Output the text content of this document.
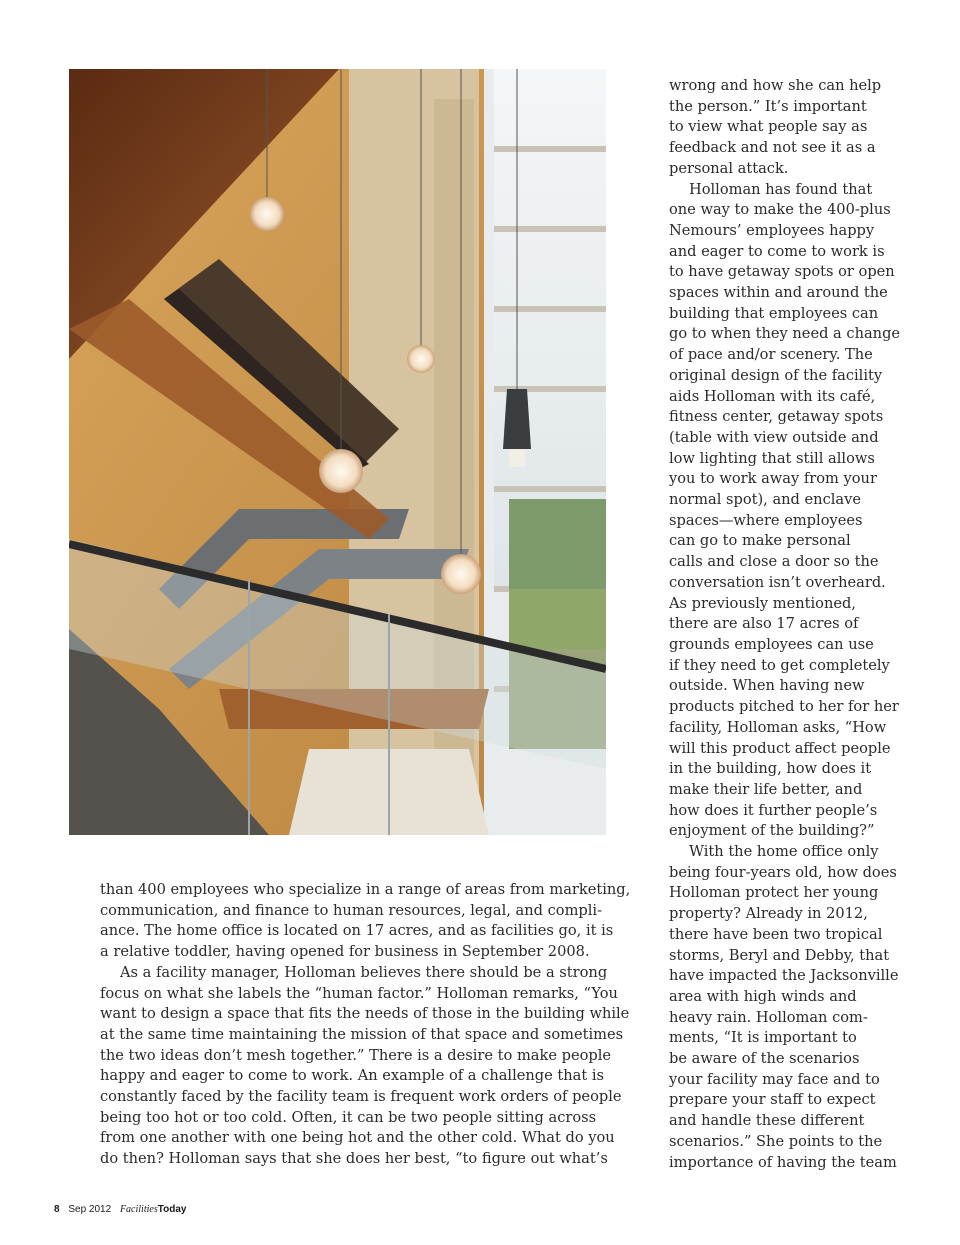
wrong and how she can help
the person.” It’s important
to view what people say as
feedback and not see it as a
personal attack.
Holloman has found that
one way to make the 400-plus
Nemours’ employees happy
and eager to come to work is
to have getaway spots or open
spaces within and around the
building that employees can
go to when they need a change
of pace and/or scenery. The
original design of the facility
aids Holloman with its café,
fitness center, getaway spots
(table with view outside and
low lighting that still allows
you to work away from your
normal spot), and enclave
spaces—where employees
can go to make personal
calls and close a door so the
conversation isn’t overheard.
As previously mentioned,
there are also 17 acres of
grounds employees can use
if they need to get completely
outside. When having new
products pitched to her for her
facility, Holloman asks, “How
will this product affect people
in the building, how does it
make their life better, and
how does it further people’s
enjoyment of the building?”
With the home office only
being four-years old, how does
Holloman protect her young
property? Already in 2012,
there have been two tropical
storms, Beryl and Debby, that
have impacted the Jacksonville
area with high winds and
heavy rain. Holloman com-
ments, “It is important to
be aware of the scenarios
your facility may face and to
prepare your staff to expect
and handle these different
scenarios.” She points to the
importance of having the team
than 400 employees who specialize in a range of areas from marketing,
communication, and finance to human resources, legal, and compli-
ance. The home office is located on 17 acres, and as facilities go, it is
a relative toddler, having opened for business in September 2008.
As a facility manager, Holloman believes there should be a strong
focus on what she labels the “human factor.” Holloman remarks, “You
want to design a space that fits the needs of those in the building while
at the same time maintaining the mission of that space and sometimes
the two ideas don’t mesh together.” There is a desire to make people
happy and eager to come to work. An example of a challenge that is
constantly faced by the facility team is frequent work orders of people
being too hot or too cold. Often, it can be two people sitting across
from one another with one being hot and the other cold. What do you
do then? Holloman says that she does her best, “to figure out what’s
8 Sep 2012 FacilitiesToday
